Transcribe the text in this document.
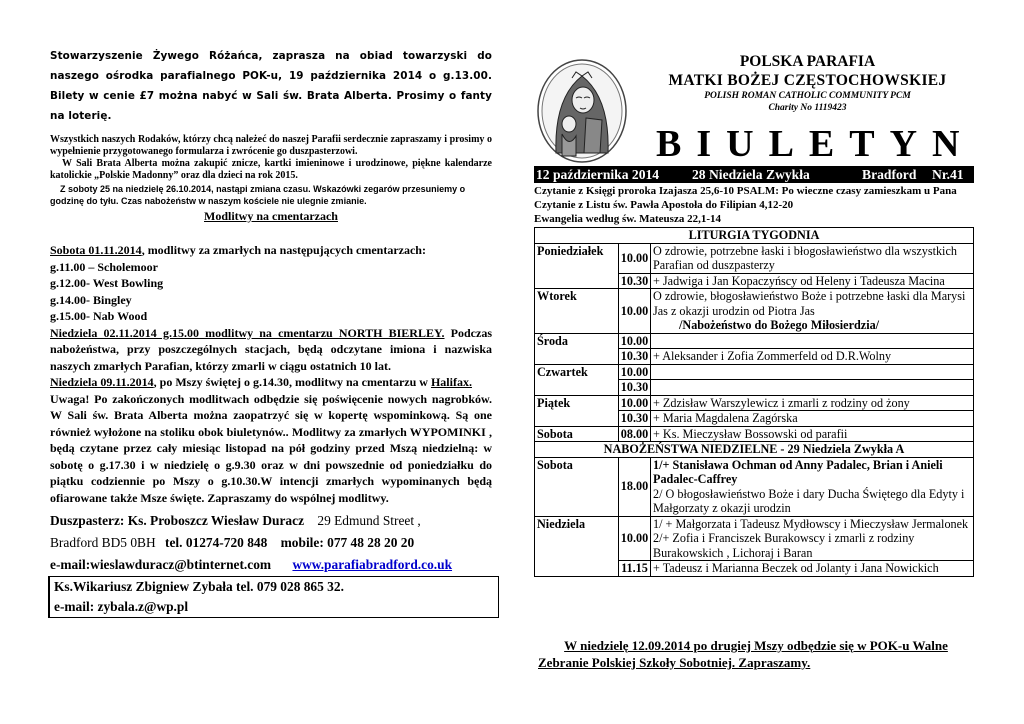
Stowarzyszenie Żywego Różańca, zaprasza na obiad towarzyski do naszego ośrodka parafialnego POK-u, 19 października 2014 o g.13.00. Bilety w cenie £7 można nabyć w Sali św. Brata Alberta. Prosimy o fanty na loterię.

Wszystkich naszych Rodaków, którzy chcą należeć do naszej Parafii serdecznie zapraszamy i prosimy o wypełnienie przygotowanego formularza i zwrócenie go duszpasterzowi.

W Sali Brata Alberta można zakupić znicze, kartki imieninowe i urodzinowe, piękne kalendarze katolickie „Polskie Madonny” oraz dla dzieci na rok 2015.

Z soboty 25 na niedzielę 26.10.2014, nastąpi zmiana czasu. Wskazówki zegarów przesuniemy o godzinę do tyłu. Czas nabożeństw w naszym kościele nie ulegnie zmianie.

Modlitwy na cmentarzach

Sobota 01.11.2014, modlitwy za zmarłych na następujących cmentarzach:

g.11.00 – Scholemoor

g.12.00- West Bowling

g.14.00- Bingley

g.15.00- Nab Wood

Niedziela 02.11.2014 g.15.00 modlitwy na cmentarzu NORTH BIERLEY. Podczas nabożeństwa, przy poszczególnych stacjach, będą odczytane imiona i nazwiska naszych zmarłych Parafian, którzy zmarli w ciągu ostatnich 10 lat.

Niedziela 09.11.2014, po Mszy świętej o g.14.30, modlitwy na cmentarzu w Halifax.

Uwaga! Po zakończonych modlitwach odbędzie się poświęcenie nowych nagrobków. W Sali św. Brata Alberta można zaopatrzyć się w kopertę wspominkową. Są one również wyłożone na stoliku obok biuletynów.. Modlitwy za zmarłych WYPOMINKI , będą czytane przez cały miesiąc listopad na pół godziny przed Mszą niedzielną: w sobotę o g.17.30 i w niedzielę o g.9.30 oraz w dni powszednie od poniedziałku do piątku codziennie po Mszy o g.10.30.W intencji zmarłych wypominanych będą ofiarowane także Msze święte. Zapraszamy do wspólnej modlitwy.

Duszpasterz: Ks. Proboszcz Wiesław Duracz 29 Edmund Street ,
Bradford BD5 0BH tel. 01274-720 848 mobile: 077 48 28 20 20
e-mail:wieslawduracz@btinternet.com www.parafiabradford.co.uk
Ks.Wikariusz Zbigniew Zybała tel. 079 028 865 32.
e-mail: zybala.z@wp.pl
POLSKA PARAFIA
MATKI BOŻEJ CZĘSTOCHOWSKIEJ
POLISH ROMAN CATHOLIC COMMUNITY PCM
Charity No 1119423
BIULETYN
12 października 2014 28 Niedziela Zwykła	Bradford Nr.41

Czytanie z Księgi proroka Izajasza 25,6-10 PSALM: Po wieczne czasy zamieszkam u Pana Czytanie z Listu św. Pawła Apostoła do Filipian 4,12-20

Ewangelia według św. Mateusza 22,1-14

LITURGIA TYGODNIA		
Poniedziałek	10.00	O zdrowie, potrzebne łaski i błogosławieństwo dla wszystkich Parafian od duszpasterzy
	10.30	+ Jadwiga i Jan Kopaczyńscy od Heleny i Tadeusza Macina
Wtorek	10.00	O zdrowie, błogosławieństwo Boże i potrzebne łaski dla Marysi Jas z okazji urodzin od Piotra Jas
/Nabożeństwo do Bożego Miłosierdzia/

Środa	10.00	
	10.30	+ Aleksander i Zofia Zommerfeld od D.R.Wolny
Czwartek	10.00	
	10.30	
Piątek	10.00	+ Zdzisław Warszylewicz i zmarli z rodziny od żony
	10.30	+ Maria Magdalena Zagórska
Sobota	08.00	+ Ks. Mieczysław Bossowski od parafii
NABOŻEŃSTWA NIEDZIELNE - 29 Niedziela Zwykła A		
Sobota	18.00	1/+ Stanisława Ochman od Anny Padalec, Brian i Anieli Padalec-Caffrey
2/ O błogosławieństwo Boże i dary Ducha Świętego dla Edyty i Małgorzaty z okazji urodzin

Niedziela	10.00	1/ + Małgorzata i Tadeusz Mydłowscy i Mieczysław Jermalonek
2/+ Zofia i Franciszek Burakowscy i zmarli z rodziny Burakowskich , Lichoraj i Baran

	11.15	+ Tadeusz i Marianna Beczek od Jolanty i Jana Nowickich
W niedzielę 12.09.2014 po drugiej Mszy odbędzie się w POK-u Walne
Zebranie Polskiej Szkoły Sobotniej. Zapraszamy.
